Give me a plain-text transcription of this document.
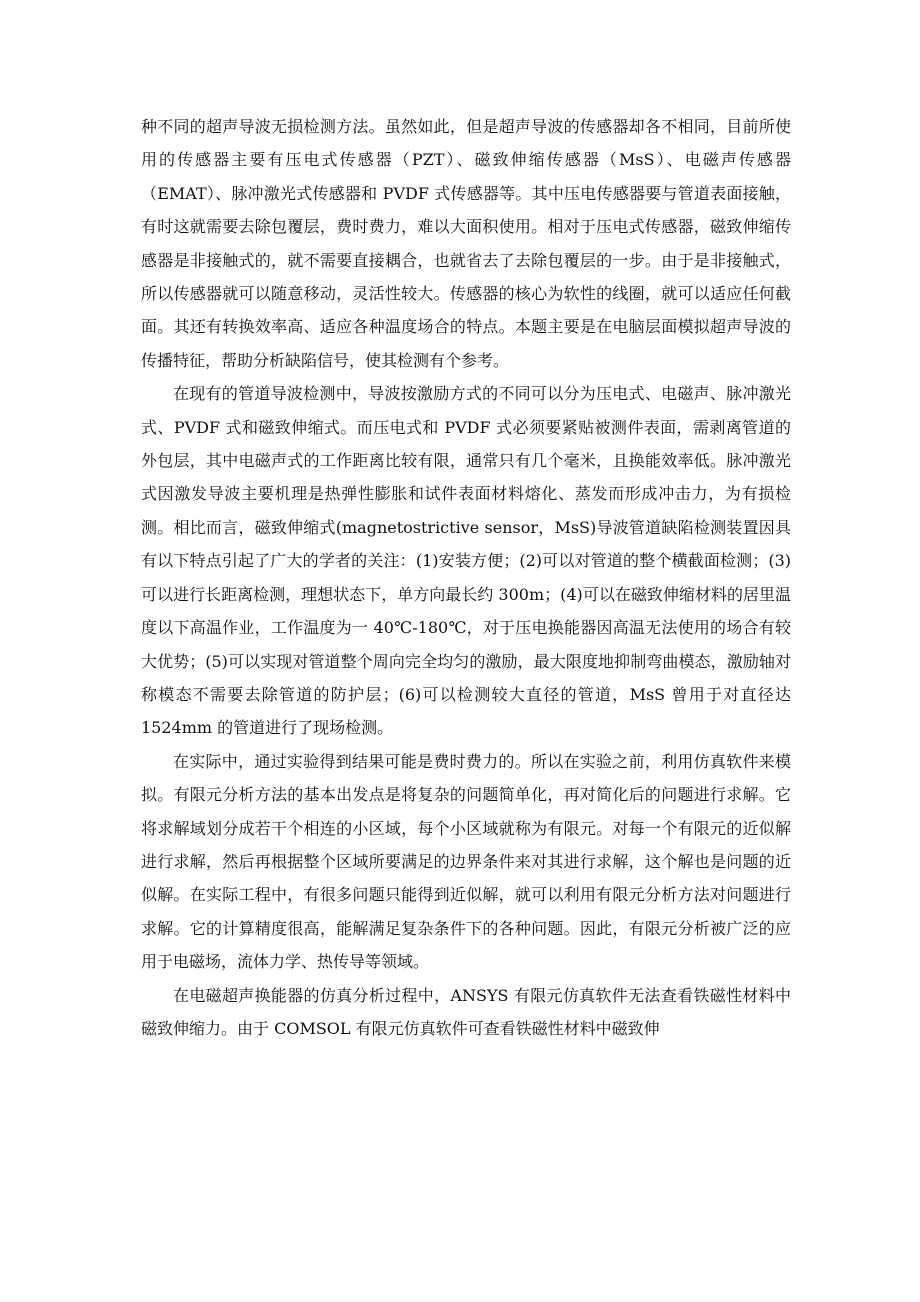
种不同的超声导波无损检测方法。虽然如此，但是超声导波的传感器却各不相同，目前所使用的传感器主要有压电式传感器（PZT）、磁致伸缩传感器（MsS）、电磁声传感器（EMAT）、脉冲激光式传感器和 PVDF 式传感器等。其中压电传感器要与管道表面接触，有时这就需要去除包覆层，费时费力，难以大面积使用。相对于压电式传感器，磁致伸缩传感器是非接触式的，就不需要直接耦合，也就省去了去除包覆层的一步。由于是非接触式，所以传感器就可以随意移动，灵活性较大。传感器的核心为软性的线圈，就可以适应任何截面。其还有转换效率高、适应各种温度场合的特点。本题主要是在电脑层面模拟超声导波的传播特征，帮助分析缺陷信号，使其检测有个参考。

在现有的管道导波检测中，导波按激励方式的不同可以分为压电式、电磁声、脉冲激光式、PVDF 式和磁致伸缩式。而压电式和 PVDF 式必须要紧贴被测件表面，需剥离管道的外包层，其中电磁声式的工作距离比较有限，通常只有几个毫米，且换能效率低。脉冲激光式因激发导波主要机理是热弹性膨胀和试件表面材料熔化、蒸发而形成冲击力，为有损检测。相比而言，磁致伸缩式(magnetostrictive sensor，MsS)导波管道缺陷检测装置因具有以下特点引起了广大的学者的关注：(1)安装方便；(2)可以对管道的整个横截面检测；(3)可以进行长距离检测，理想状态下，单方向最长约 300m；(4)可以在磁致伸缩材料的居里温度以下高温作业，工作温度为一 40℃-180℃，对于压电换能器因高温无法使用的场合有较大优势；(5)可以实现对管道整个周向完全均匀的激励，最大限度地抑制弯曲模态，激励轴对称模态不需要去除管道的防护层；(6)可以检测较大直径的管道，MsS 曾用于对直径达 1524mm 的管道进行了现场检测。

在实际中，通过实验得到结果可能是费时费力的。所以在实验之前，利用仿真软件来模拟。有限元分析方法的基本出发点是将复杂的问题简单化，再对简化后的问题进行求解。它将求解域划分成若干个相连的小区域，每个小区域就称为有限元。对每一个有限元的近似解进行求解，然后再根据整个区域所要满足的边界条件来对其进行求解，这个解也是问题的近似解。在实际工程中，有很多问题只能得到近似解，就可以利用有限元分析方法对问题进行求解。它的计算精度很高，能解满足复杂条件下的各种问题。因此，有限元分析被广泛的应用于电磁场，流体力学、热传导等领域。

在电磁超声换能器的仿真分析过程中，ANSYS 有限元仿真软件无法查看铁磁性材料中磁致伸缩力。由于 COMSOL 有限元仿真软件可查看铁磁性材料中磁致伸
